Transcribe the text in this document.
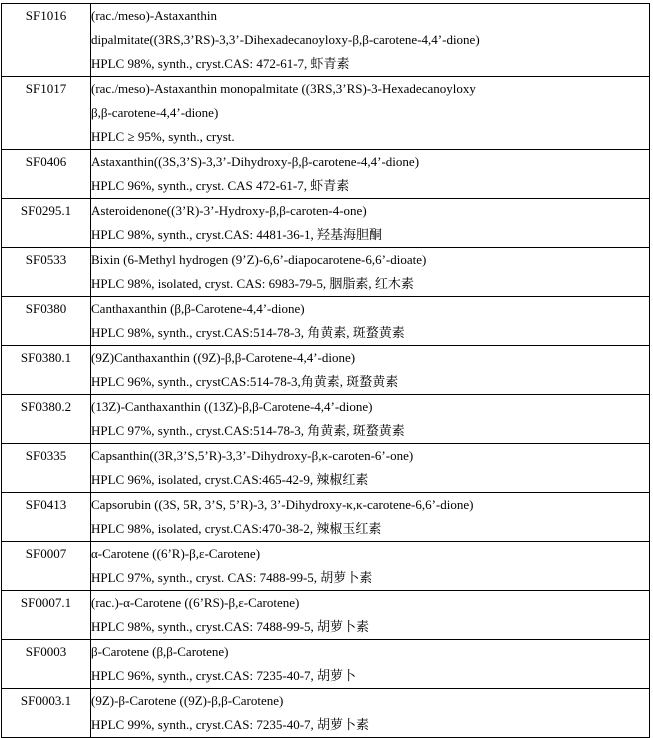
SF1016	(rac./meso)-Astaxanthin
dipalmitate((3RS,3’RS)-3,3’-Dihexadecanoyloxy-β,β-carotene-4,4’-dione)
HPLC 98%, synth., cryst.CAS: 472-61-7, 虾青素

SF1017	(rac./meso)-Astaxanthin monopalmitate ((3RS,3’RS)-3-Hexadecanoyloxy
β,β-carotene-4,4’-dione)
HPLC ≥ 95%, synth., cryst.

SF0406	Astaxanthin((3S,3’S)-3,3’-Dihydroxy-β,β-carotene-4,4’-dione)
HPLC 96%, synth., cryst. CAS 472-61-7, 虾青素

SF0295.1	Asteroidenone((3’R)-3’-Hydroxy-β,β-caroten-4-one)
HPLC 98%, synth., cryst.CAS: 4481-36-1, 羟基海胆酮

SF0533	Bixin (6-Methyl hydrogen (9’Z)-6,6’-diapocarotene-6,6’-dioate)
HPLC 98%, isolated, cryst. CAS: 6983-79-5, 胭脂素, 红木素

SF0380	Canthaxanthin (β,β-Carotene-4,4’-dione)
HPLC 98%, synth., cryst.CAS:514-78-3, 角黄素, 斑蝥黄素

SF0380.1	(9Z)Canthaxanthin ((9Z)-β,β-Carotene-4,4’-dione)
HPLC 96%, synth., crystCAS:514-78-3,角黄素, 斑蝥黄素

SF0380.2	(13Z)-Canthaxanthin ((13Z)-β,β-Carotene-4,4’-dione)
HPLC 97%, synth., cryst.CAS:514-78-3, 角黄素, 斑蝥黄素

SF0335	Capsanthin((3R,3’S,5’R)-3,3’-Dihydroxy-β,κ-caroten-6’-one)
HPLC 96%, isolated, cryst.CAS:465-42-9, 辣椒红素

SF0413	Capsorubin ((3S, 5R, 3’S, 5’R)-3, 3’-Dihydroxy-κ,κ-carotene-6,6’-dione)
HPLC 98%, isolated, cryst.CAS:470-38-2, 辣椒玉红素

SF0007	α-Carotene ((6’R)-β,ε-Carotene)
HPLC 97%, synth., cryst. CAS: 7488-99-5, 胡萝卜素

SF0007.1	(rac.)-α-Carotene ((6’RS)-β,ε-Carotene)
HPLC 98%, synth., cryst.CAS: 7488-99-5, 胡萝卜素

SF0003	β-Carotene (β,β-Carotene)
HPLC 96%, synth., cryst.CAS: 7235-40-7, 胡萝卜

SF0003.1	(9Z)-β-Carotene ((9Z)-β,β-Carotene)
HPLC 99%, synth., cryst.CAS: 7235-40-7, 胡萝卜素
